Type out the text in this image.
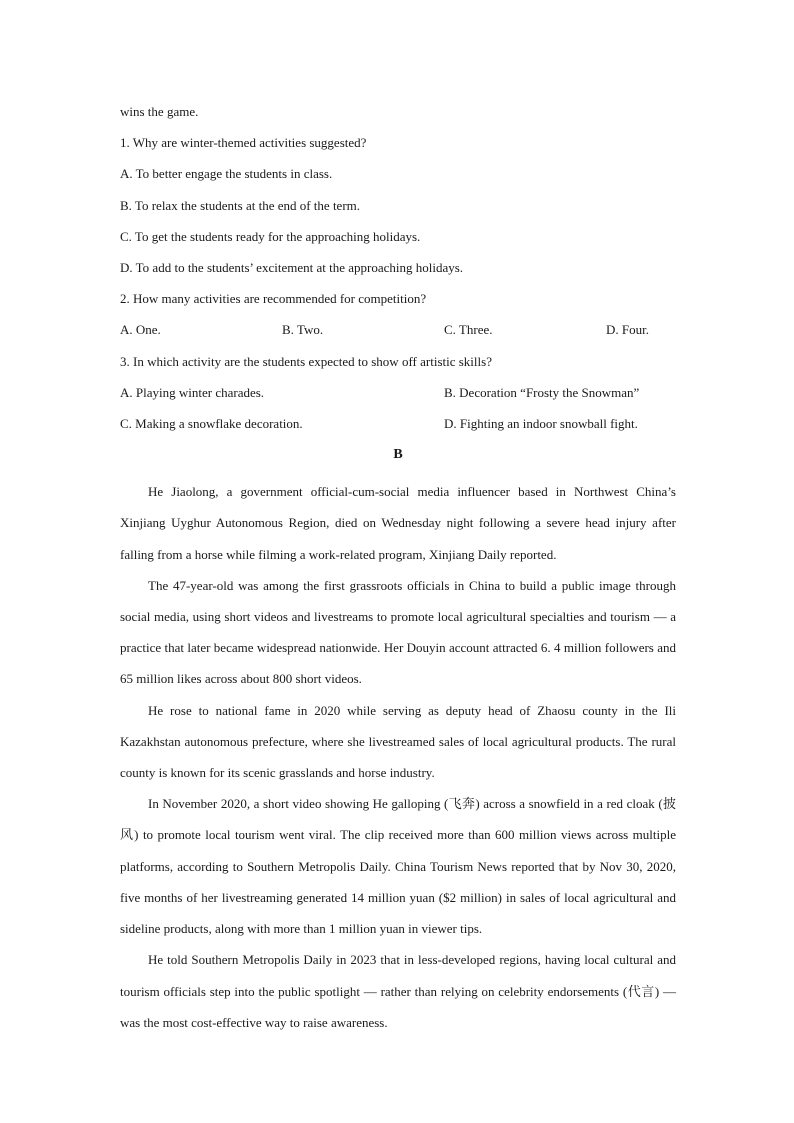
wins the game.
1. Why are winter-themed activities suggested?
A. To better engage the students in class.
B. To relax the students at the end of the term.
C. To get the students ready for the approaching holidays.
D. To add to the students’ excitement at the approaching holidays.
2. How many activities are recommended for competition?
A. One.	B. Two.	C. Three.	D. Four.
3. In which activity are the students expected to show off artistic skills?
A. Playing winter charades.	B. Decoration “Frosty the Snowman”
C. Making a snowflake decoration.	D. Fighting an indoor snowball fight.
B

He Jiaolong, a government official-cum-social media influencer based in Northwest China’s Xinjiang Uyghur Autonomous Region, died on Wednesday night following a severe head injury after falling from a horse while filming a work-related program, Xinjiang Daily reported.

The 47-year-old was among the first grassroots officials in China to build a public image through social media, using short videos and livestreams to promote local agricultural specialties and tourism — a practice that later became widespread nationwide. Her Douyin account attracted 6. 4 million followers and 65 million likes across about 800 short videos.

He rose to national fame in 2020 while serving as deputy head of Zhaosu county in the Ili Kazakhstan autonomous prefecture, where she livestreamed sales of local agricultural products. The rural county is known for its scenic grasslands and horse industry.

In November 2020, a short video showing He galloping (飞奔) across a snowfield in a red cloak (披风) to promote local tourism went viral. The clip received more than 600 million views across multiple platforms, according to Southern Metropolis Daily. China Tourism News reported that by Nov 30, 2020, five months of her livestreaming generated 14 million yuan ($2 million) in sales of local agricultural and sideline products, along with more than 1 million yuan in viewer tips.

He told Southern Metropolis Daily in 2023 that in less-developed regions, having local cultural and tourism officials step into the public spotlight — rather than relying on celebrity endorsements (代言) — was the most cost-effective way to raise awareness.
